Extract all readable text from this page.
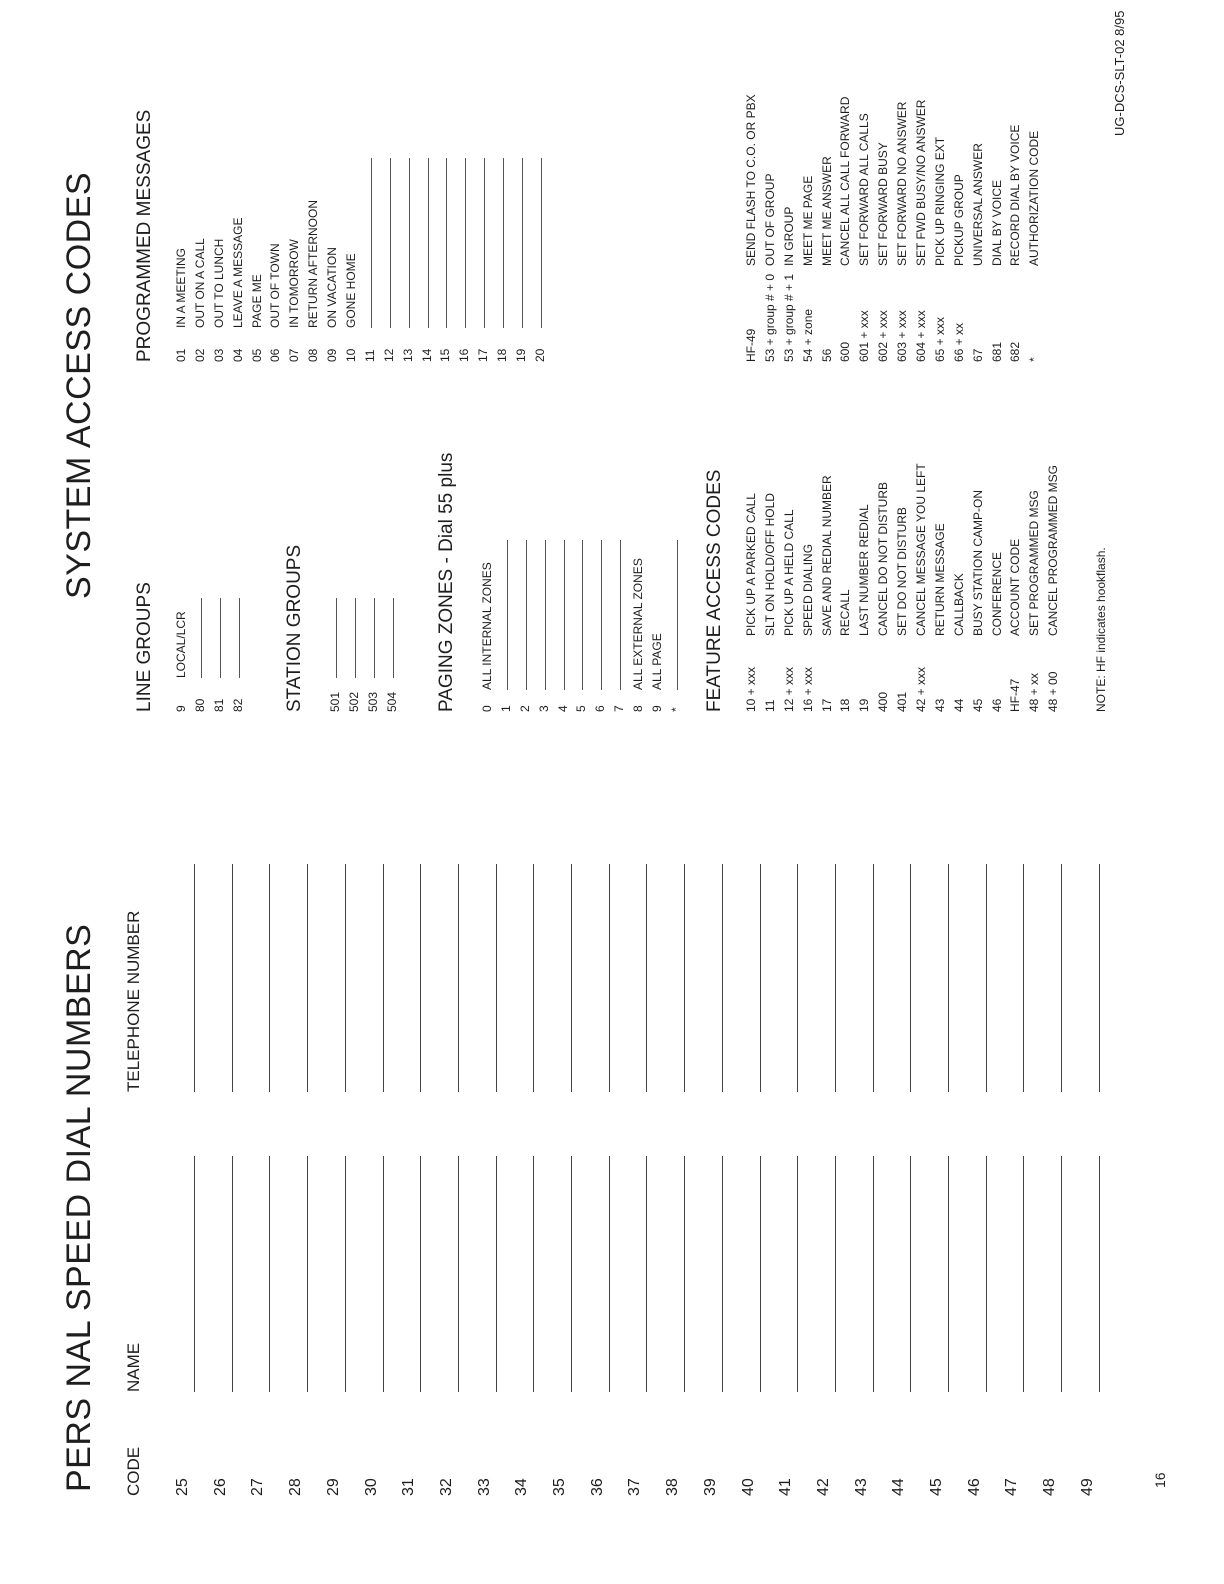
PERS NAL SPEED DIAL NUMBERS CODE
NAME
TELEPHONE NUMBER
25 26 27 28 29 30 31 32 33 34 35 36 37 38 39 40 41 42 43 44 45 46 47 48 49
SYSTEM ACCESS CODES
LINE GROUPS 9
LOCAL/LCR
80 81 82 STATION GROUPS 501 502 503 504 PAGING ZONES - Dial 55 plus 0
ALL INTERNAL ZONES
1 2 3 4 5 6 7 8
ALL EXTERNAL ZONES
9
ALL PAGE
* FEATURE ACCESS CODES 10 + xxx
PICK UP A PARKED CALL
11
SLT ON HOLD/OFF HOLD
12 + xxx
PICK UP A HELD CALL
16 + xxx
SPEED DIALING
17
SAVE AND REDIAL NUMBER
18
RECALL
19
LAST NUMBER REDIAL
400
CANCEL DO NOT DISTURB
401
SET DO NOT DISTURB
42 + xxx
CANCEL MESSAGE YOU LEFT
43
RETURN MESSAGE
44
CALLBACK
45
BUSY STATION CAMP-ON
46
CONFERENCE
HF-47
ACCOUNT CODE
48 + xx
SET PROGRAMMED MSG
48 + 00
CANCEL PROGRAMMED MSG
HF-49
SEND FLASH TO C.O. OR PBX
53 + group # + 0
OUT OF GROUP
53 + group # + 1
IN GROUP
54 + zone
MEET ME PAGE
56
MEET ME ANSWER
600
CANCEL ALL CALL FORWARD
601 + xxx
SET FORWARD ALL CALLS
602 + xxx
SET FORWARD BUSY
603 + xxx
SET FORWARD NO ANSWER
604 + xxx
SET FWD BUSY/NO ANSWER
65 + xxx
PICK UP RINGING EXT
66 + xx
PICKUP GROUP
67
UNIVERSAL ANSWER
681
DIAL BY VOICE
682
RECORD DIAL BY VOICE
*
AUTHORIZATION CODE
NOTE: HF indicates hookflash.
PROGRAMMED MESSAGES 01
IN A MEETING
02
OUT ON A CALL
03
OUT TO LUNCH
04
LEAVE A MESSAGE
05
PAGE ME
06
OUT OF TOWN
07
IN TOMORROW
08
RETURN AFTERNOON
09
ON VACATION
10
GONE HOME
11 12 13 14 15 16 17 18 19 20
16
UG-DCS-SLT-02 8/95
